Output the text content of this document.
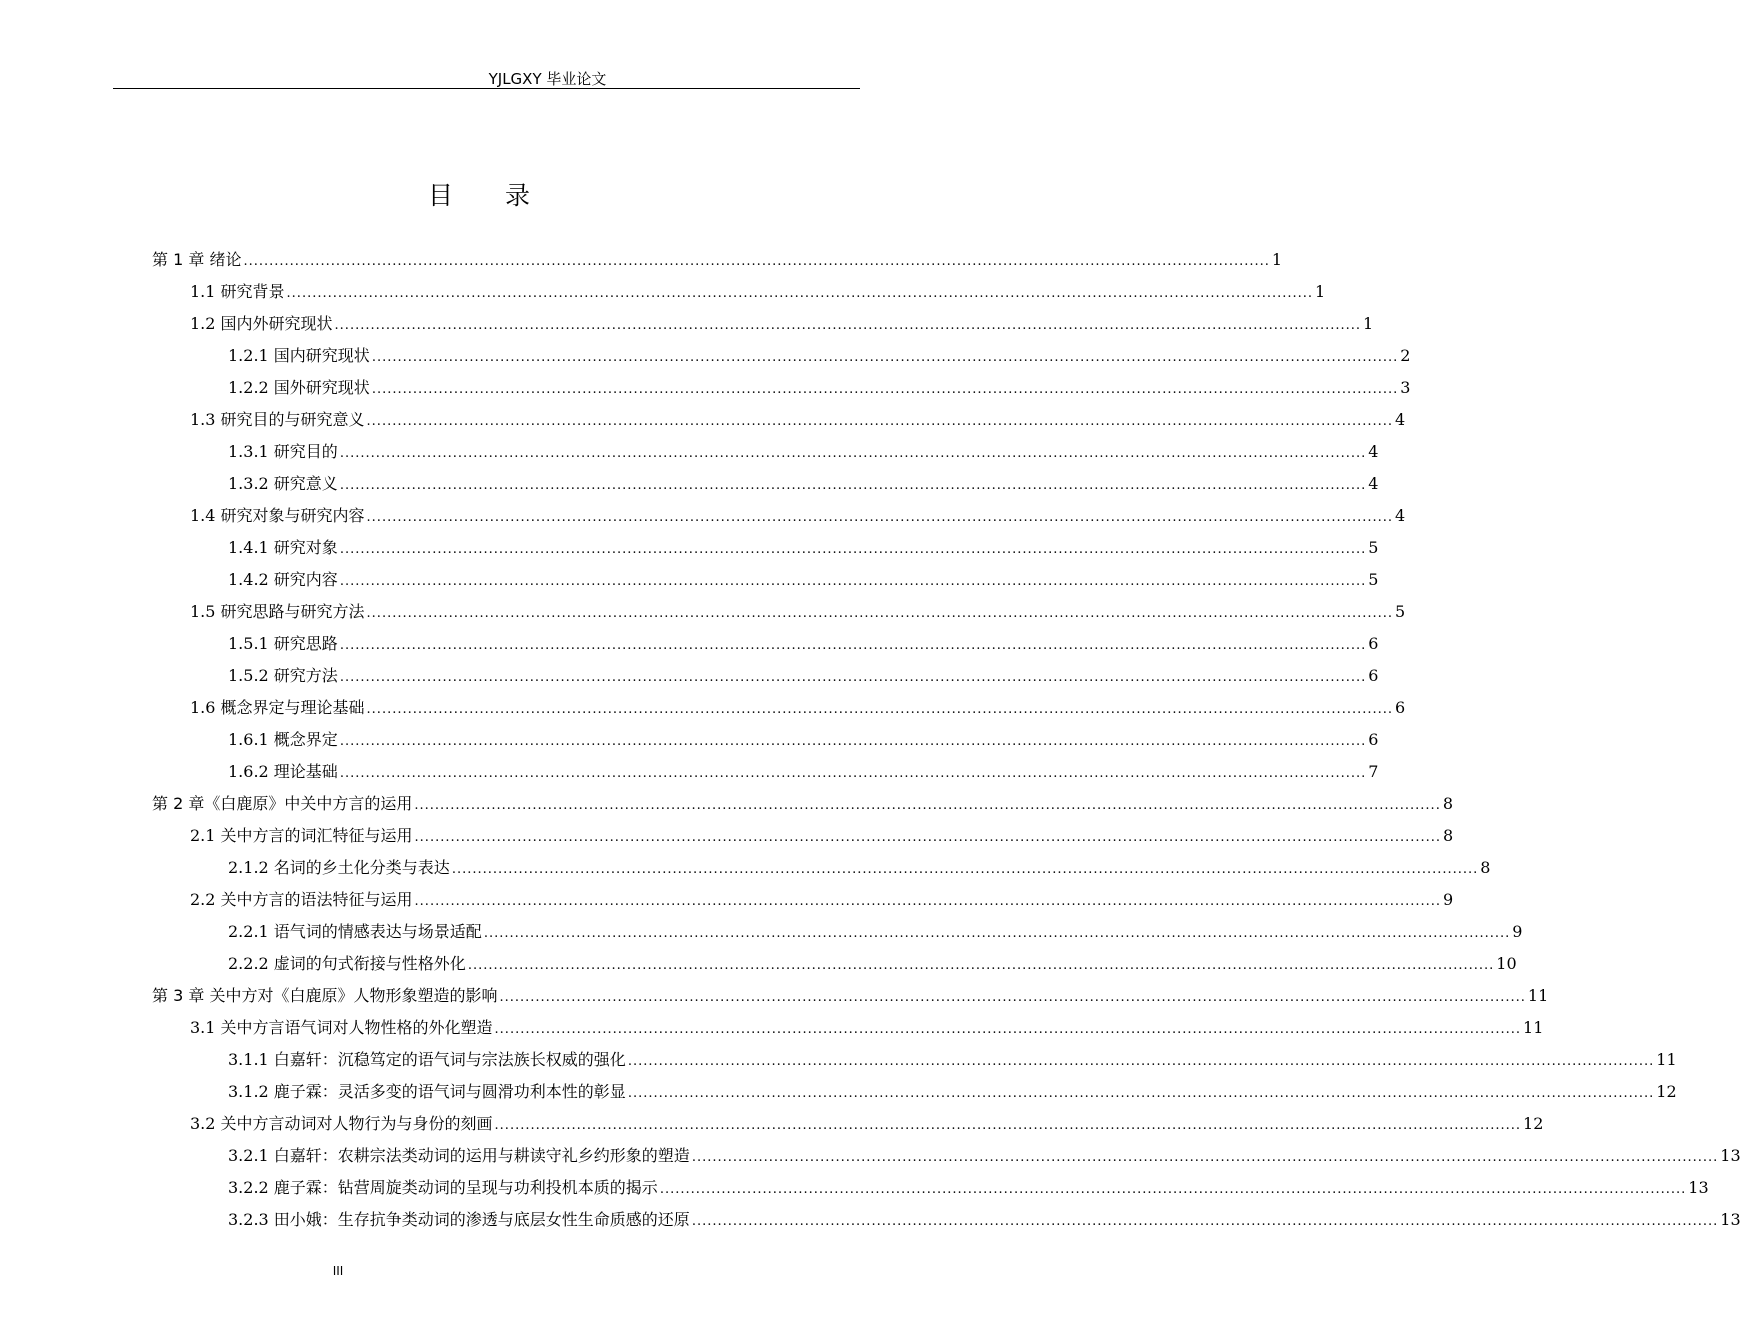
YJLGXY 毕业论文
目 录
第 1 章 绪论 ........................................................................................................................................................................................................ 1
1.1 研究背景 ........................................................................................................................................................................................................ 1
1.2 国内外研究现状 ........................................................................................................................................................................................................ 1
1.2.1 国内研究现状 ........................................................................................................................................................................................................ 2
1.2.2 国外研究现状 ........................................................................................................................................................................................................ 3
1.3 研究目的与研究意义 ........................................................................................................................................................................................................ 4
1.3.1 研究目的 ........................................................................................................................................................................................................ 4
1.3.2 研究意义 ........................................................................................................................................................................................................ 4
1.4 研究对象与研究内容 ........................................................................................................................................................................................................ 4
1.4.1 研究对象 ........................................................................................................................................................................................................ 5
1.4.2 研究内容 ........................................................................................................................................................................................................ 5
1.5 研究思路与研究方法 ........................................................................................................................................................................................................ 5
1.5.1 研究思路 ........................................................................................................................................................................................................ 6
1.5.2 研究方法 ........................................................................................................................................................................................................ 6
1.6 概念界定与理论基础 ........................................................................................................................................................................................................ 6
1.6.1 概念界定 ........................................................................................................................................................................................................ 6
1.6.2 理论基础 ........................................................................................................................................................................................................ 7
第 2 章《白鹿原》中关中方言的运用 ........................................................................................................................................................................................................ 8
2.1 关中方言的词汇特征与运用 ........................................................................................................................................................................................................ 8
2.1.2 名词的乡土化分类与表达 ........................................................................................................................................................................................................ 8
2.2 关中方言的语法特征与运用 ........................................................................................................................................................................................................ 9
2.2.1 语气词的情感表达与场景适配 ........................................................................................................................................................................................................ 9
2.2.2 虚词的句式衔接与性格外化 ........................................................................................................................................................................................................ 10
第 3 章 关中方对《白鹿原》人物形象塑造的影响 ........................................................................................................................................................................................................ 11
3.1 关中方言语气词对人物性格的外化塑造 ........................................................................................................................................................................................................ 11
3.1.1 白嘉轩：沉稳笃定的语气词与宗法族长权威的强化 ........................................................................................................................................................................................................ 11
3.1.2 鹿子霖：灵活多变的语气词与圆滑功利本性的彰显 ........................................................................................................................................................................................................ 12
3.2 关中方言动词对人物行为与身份的刻画 ........................................................................................................................................................................................................ 12
3.2.1 白嘉轩：农耕宗法类动词的运用与耕读守礼乡约形象的塑造 ........................................................................................................................................................................................................ 13
3.2.2 鹿子霖：钻营周旋类动词的呈现与功利投机本质的揭示 ........................................................................................................................................................................................................ 13
3.2.3 田小娥：生存抗争类动词的渗透与底层女性生命质感的还原 ........................................................................................................................................................................................................ 13
III
